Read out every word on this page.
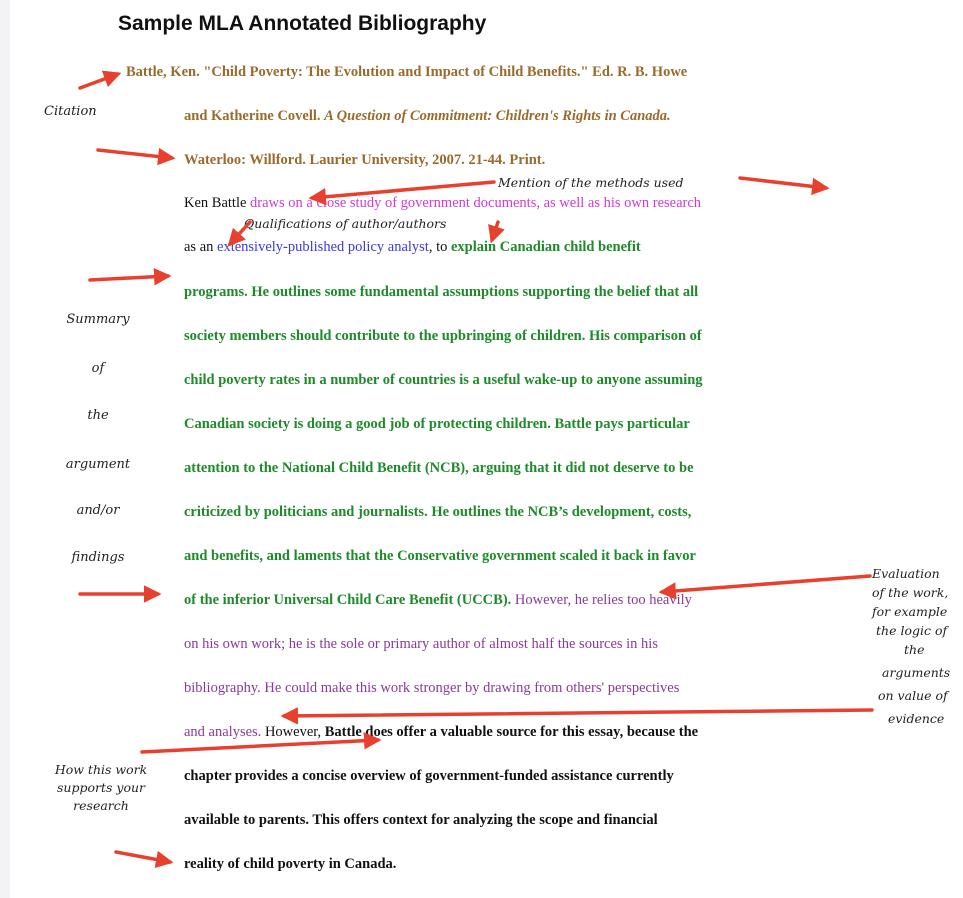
Sample MLA Annotated Bibliography
Battle, Ken. "Child Poverty: The Evolution and Impact of Child Benefits." Ed. R. B. Howe
and Katherine Covell. A Question of Commitment: Children's Rights in Canada.
Waterloo: Willford. Laurier University, 2007. 21-44. Print.
Ken Battle draws on a close study of government documents, as well as his own research
as an extensively-published policy analyst, to explain Canadian child benefit
programs. He outlines some fundamental assumptions supporting the belief that all
society members should contribute to the upbringing of children. His comparison of
child poverty rates in a number of countries is a useful wake-up to anyone assuming
Canadian society is doing a good job of protecting children. Battle pays particular
attention to the National Child Benefit (NCB), arguing that it did not deserve to be
criticized by politicians and journalists. He outlines the NCB’s development, costs,
and benefits, and laments that the Conservative government scaled it back in favor
of the inferior Universal Child Care Benefit (UCCB). However, he relies too heavily
on his own work; he is the sole or primary author of almost half the sources in his
bibliography. He could make this work stronger by drawing from others' perspectives
and analyses. However, Battle does offer a valuable source for this essay, because the
chapter provides a concise overview of government-funded assistance currently
available to parents. This offers context for analyzing the scope and financial
reality of child poverty in Canada.
Citation
Mention of the methods used
Qualifications of author/authors
Summary
of
the
argument
and/or
findings
Evaluation
of the work,
for example
the logic of
the
arguments
on value of
evidence
How this work
supports your
research
